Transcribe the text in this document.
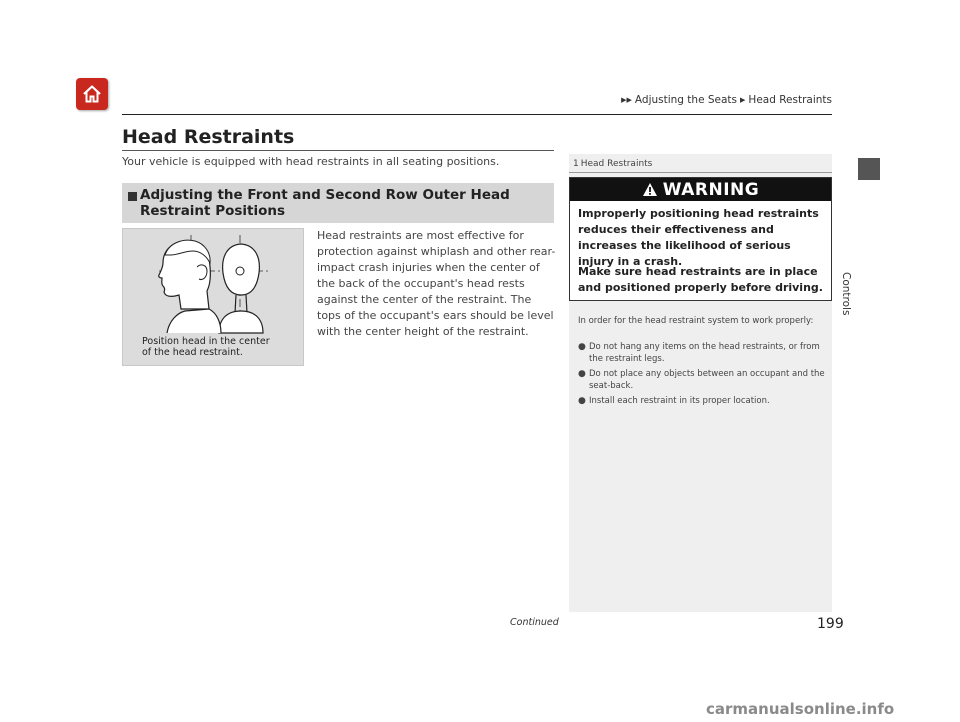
▶▶ Adjusting the Seats ▶ Head Restraints
Controls
Head Restraints
Your vehicle is equipped with head restraints in all seating positions.
Adjusting the Front and Second Row Outer Head Restraint Positions
Position head in the center
of the head restraint.
Head restraints are most effective for protection against whiplash and other rear-impact crash injuries when the center of the back of the occupant's head rests against the center of the restraint. The tops of the occupant's ears should be level with the center height of the restraint.
1 Head Restraints
WARNING
Improperly positioning head restraints reduces their effectiveness and increases the likelihood of serious injury in a crash.
Make sure head restraints are in place and positioned properly before driving.
In order for the head restraint system to work properly:
● Do not hang any items on the head restraints, or from the restraint legs.
● Do not place any objects between an occupant and the seat-back.
● Install each restraint in its proper location.
Continued	199
carmanualsonline.info
